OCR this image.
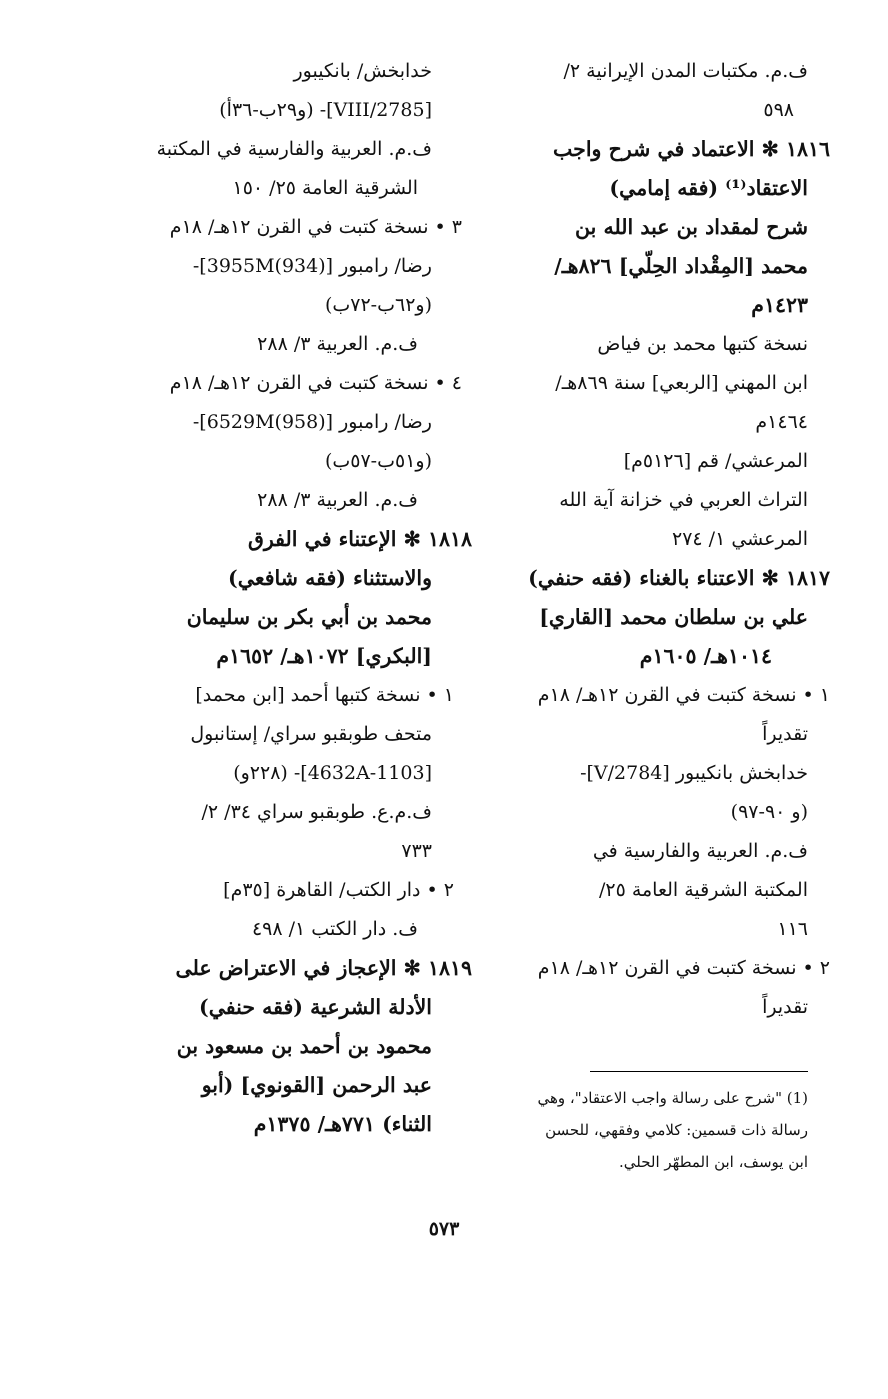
ف.م. مكتبات المدن الإيرانية ٢/
٥٩٨
١٨١٦ ✻ الاعتماد في شرح واجب
الاعتقاد⁽¹⁾ (فقه إمامي)
شرح لمقداد بن عبد الله بن
محمد [المِقْداد الحِلّي] ٨٢٦هـ/
١٤٢٣م
نسخة كتبها محمد بن فياض
ابن المهني [الربعي] سنة ٨٦٩هـ/
١٤٦٤م
المرعشي/ قم [٥١٢٦م]
التراث العربي في خزانة آية الله
المرعشي ١/ ٢٧٤
١٨١٧ ✻ الاعتناء بالغناء (فقه حنفي)
علي بن سلطان محمد [القاري]
١٠١٤هـ/ ١٦٠٥م
١ • نسخة كتبت في القرن ١٢هـ/ ١٨م
تقديراً
خدابخش بانكيبور [2784/V]-
(و ٩٠-٩٧)
ف.م. العربية والفارسية في
المكتبة الشرقية العامة ٢٥/
١١٦
٢ • نسخة كتبت في القرن ١٢هـ/ ١٨م
تقديراً
خدابخش/ بانكيبور
[2785/VIII]- (و٢٩ب-٣٦أ)
ف.م. العربية والفارسية في المكتبة
الشرقية العامة ٢٥/ ١٥٠
٣ • نسخة كتبت في القرن ١٢هـ/ ١٨م
رضا/ رامبور [3955M(934)]-
(و٦٢ب-٧٢ب)
ف.م. العربية ٣/ ٢٨٨
٤ • نسخة كتبت في القرن ١٢هـ/ ١٨م
رضا/ رامبور [6529M(958)]-
(و٥١ب-٥٧ب)
ف.م. العربية ٣/ ٢٨٨
١٨١٨ ✻ الإعتناء في الفرق
والاستثناء (فقه شافعي)
محمد بن أبي بكر بن سليمان
[البكري] ١٠٧٢هـ/ ١٦٥٢م
١ • نسخة كتبها أحمد [ابن محمد]
متحف طوبقبو سراي/ إستانبول
[4632A-1103]- (٢٢٨و)
ف.م.ع. طوبقبو سراي ٣٤/ ٢/
٧٣٣
٢ • دار الكتب/ القاهرة [٣٥م]
ف. دار الكتب ١/ ٤٩٨
١٨١٩ ✻ الإعجاز في الاعتراض على
الأدلة الشرعية (فقه حنفي)
محمود بن أحمد بن مسعود بن
عبد الرحمن [القونوي] (أبو
الثناء) ٧٧١هـ/ ١٣٧٥م
(1) "شرح على رسالة واجب الاعتقاد"، وهي
رسالة ذات قسمين: كلامي وفقهي، للحسن
ابن يوسف، ابن المطهّر الحلي.
٥٧٣
